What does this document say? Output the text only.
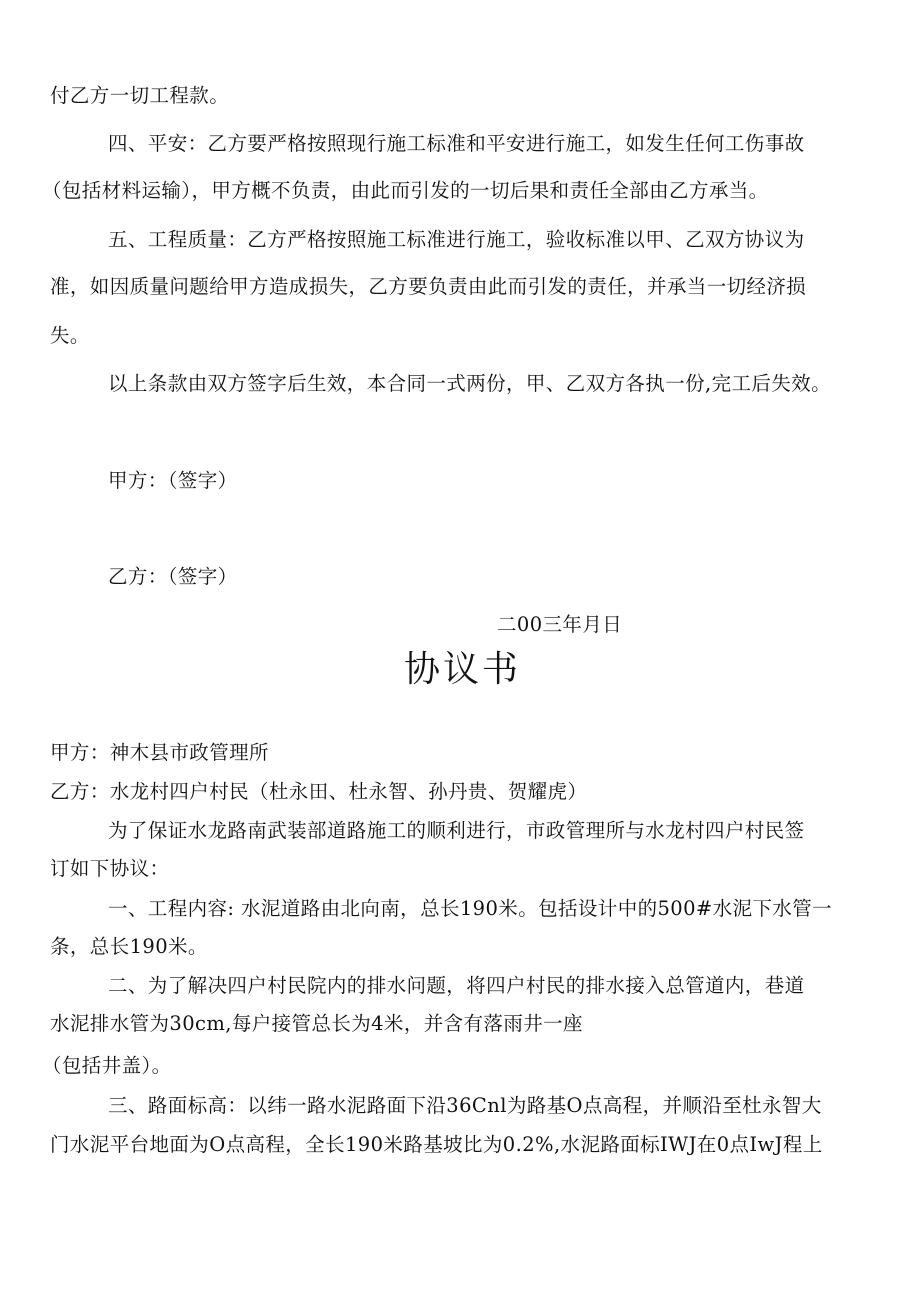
付乙方一切工程款。
四、平安：乙方要严格按照现行施工标准和平安进行施工，如发生任何工伤事故
（包括材料运输），甲方概不负责，由此而引发的一切后果和责任全部由乙方承当。
五、工程质量：乙方严格按照施工标准进行施工，验收标准以甲、乙双方协议为
准，如因质量问题给甲方造成损失，乙方要负责由此而引发的责任，并承当一切经济损
失。
以上条款由双方签字后生效，本合同一式两份，甲、乙双方各执一份,完工后失效。
甲方：（签字）
乙方：（签字）
二00三年月日
协议书
甲方：神木县市政管理所
乙方：水龙村四户村民（杜永田、杜永智、孙丹贵、贺耀虎）
为了保证水龙路南武装部道路施工的顺利进行，市政管理所与水龙村四户村民签
订如下协议：
一、工程内容: 水泥道路由北向南，总长190米。包括设计中的500#水泥下水管一
条，总长190米。
二、为了解决四户村民院内的排水问题，将四户村民的排水接入总管道内，巷道
水泥排水管为30cm,每户接管总长为4米，并含有落雨井一座
（包括井盖）。
三、路面标高：以纬一路水泥路面下沿36Cnl为路基O点高程，并顺沿至杜永智大
门水泥平台地面为O点高程，全长190米路基坡比为0.2%,水泥路面标IWJ在0点IwJ程上
